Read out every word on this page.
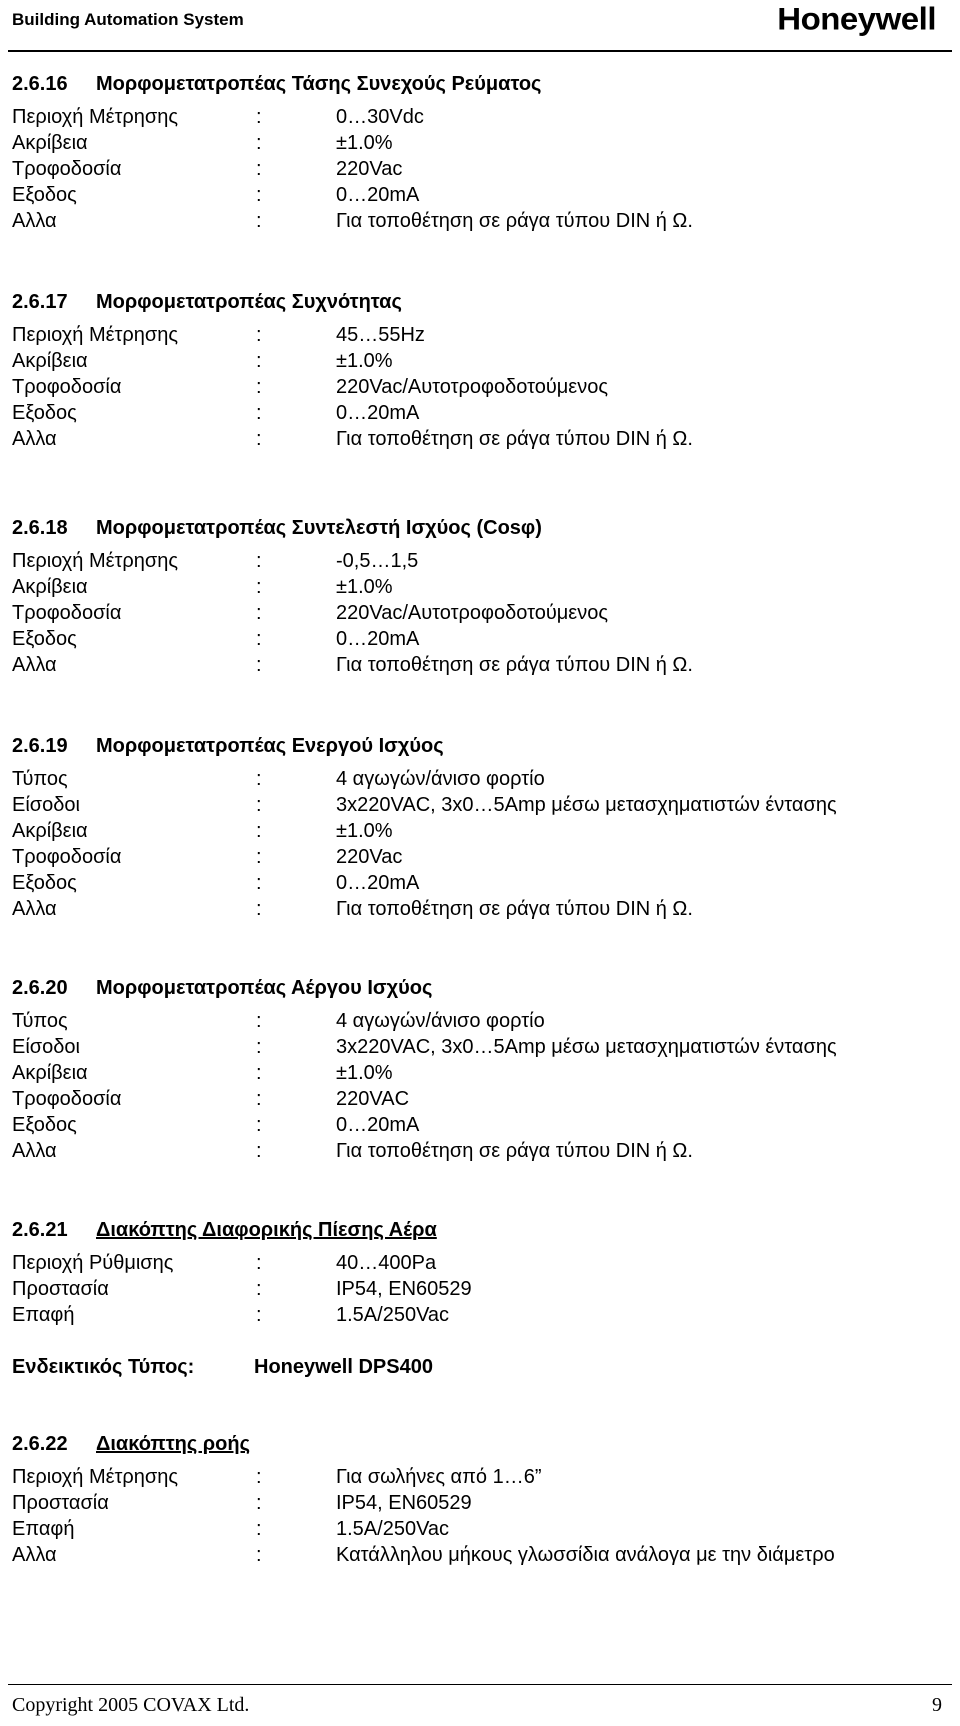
Building Automation System	Honeywell
2.6.16 Μορφομετατροπέας Τάσης Συνεχούς Ρεύματος
Περιοχή Μέτρησης	:	0…30Vdc
Ακρίβεια	:	±1.0%
Τροφοδοσία	:	220Vac
Εξοδος	:	0…20mA
Αλλα	:	Για τοποθέτηση σε ράγα τύπου DIN ή Ω.
2.6.17 Μορφομετατροπέας Συχνότητας
Περιοχή Μέτρησης	:	45…55Hz
Ακρίβεια	:	±1.0%
Τροφοδοσία	:	220Vac/Αυτοτροφοδοτούμενος
Εξοδος	:	0…20mA
Αλλα	:	Για τοποθέτηση σε ράγα τύπου DIN ή Ω.
2.6.18 Μορφομετατροπέας Συντελεστή Ισχύος (Cosφ)
Περιοχή Μέτρησης	:	-0,5…1,5
Ακρίβεια	:	±1.0%
Τροφοδοσία	:	220Vac/Αυτοτροφοδοτούμενος
Εξοδος	:	0…20mA
Αλλα	:	Για τοποθέτηση σε ράγα τύπου DIN ή Ω.
2.6.19 Μορφομετατροπέας Ενεργού Ισχύος
Τύπος	:	4 αγωγών/άνισο φορτίο
Είσοδοι	:	3x220VAC, 3x0…5Amp μέσω μετασχηματιστών έντασης
Ακρίβεια	:	±1.0%
Τροφοδοσία	:	220Vac
Εξοδος	:	0…20mA
Αλλα	:	Για τοποθέτηση σε ράγα τύπου DIN ή Ω.
2.6.20 Μορφομετατροπέας Αέργου Ισχύος
Τύπος	:	4 αγωγών/άνισο φορτίο
Είσοδοι	:	3x220VAC, 3x0…5Amp μέσω μετασχηματιστών έντασης
Ακρίβεια	:	±1.0%
Τροφοδοσία	:	220VAC
Εξοδος	:	0…20mA
Αλλα	:	Για τοποθέτηση σε ράγα τύπου DIN ή Ω.
2.6.21 Διακόπτης Διαφορικής Πίεσης Αέρα
Περιοχή Ρύθμισης	:	40…400Pa
Προστασία	:	IP54, EN60529
Επαφή	:	1.5A/250Vac
Ενδεικτικός Τύπος:	Honeywell DPS400
2.6.22 Διακόπτης ροής
Περιοχή Μέτρησης	:	Για σωλήνες από 1…6”
Προστασία	:	IP54, EN60529
Επαφή	:	1.5A/250Vac
Αλλα	:	Κατάλληλου μήκους γλωσσίδια ανάλογα με την διάμετρο
Copyright 2005 COVAX Ltd.	9
